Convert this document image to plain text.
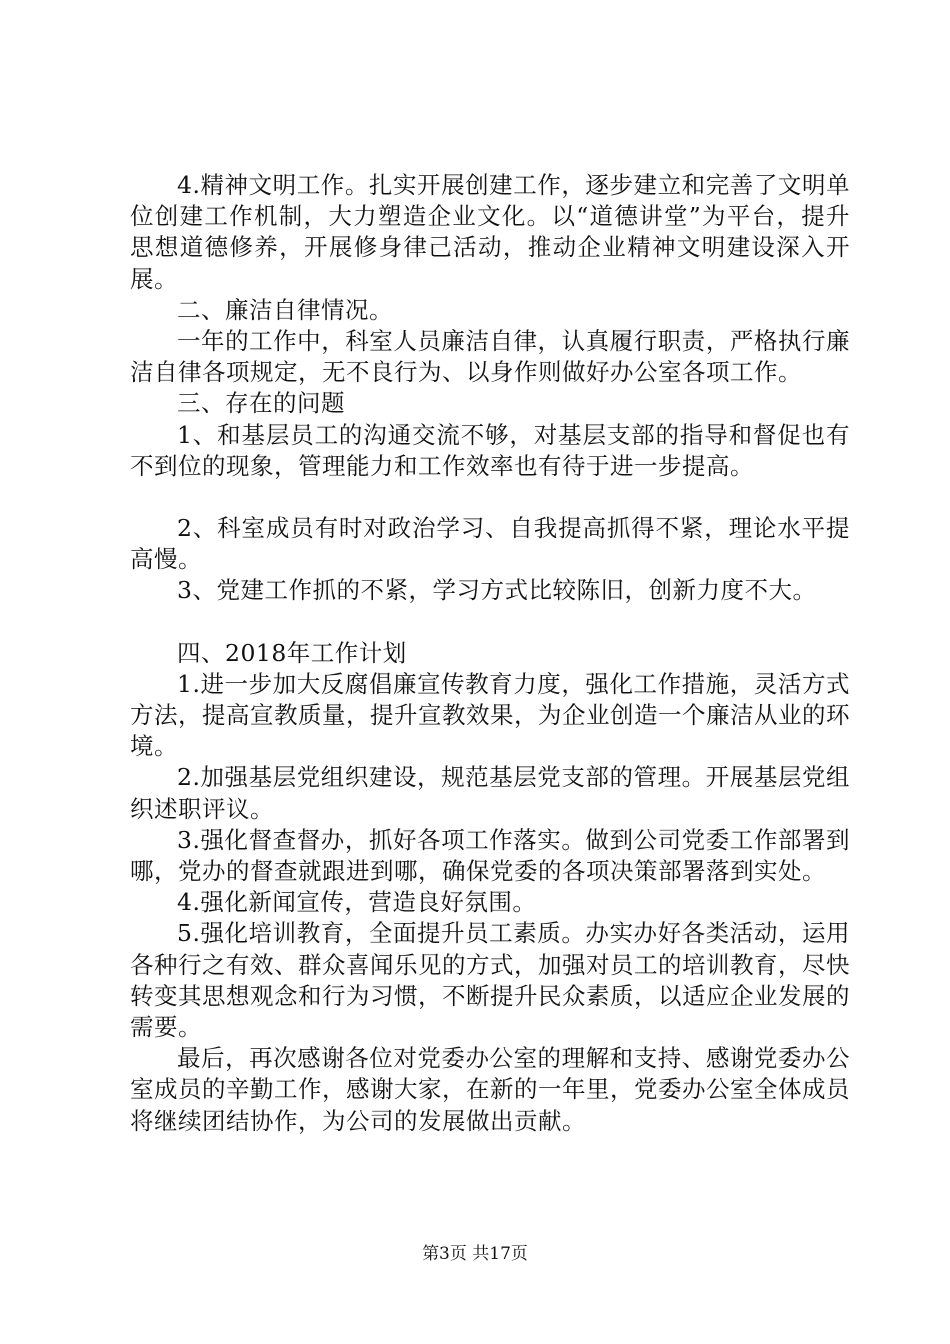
4.精神文明工作。扎实开展创建工作，逐步建立和完善了文明单位创建工作机制，大力塑造企业文化。以“道德讲堂”为平台，提升思想道德修养，开展修身律己活动，推动企业精神文明建设深入开展。

二、廉洁自律情况。

一年的工作中，科室人员廉洁自律，认真履行职责，严格执行廉洁自律各项规定，无不良行为、以身作则做好办公室各项工作。

三、存在的问题

1、和基层员工的沟通交流不够，对基层支部的指导和督促也有不到位的现象，管理能力和工作效率也有待于进一步提高。

2、科室成员有时对政治学习、自我提高抓得不紧，理论水平提高慢。

3、党建工作抓的不紧，学习方式比较陈旧，创新力度不大。

四、2018年工作计划

1.进一步加大反腐倡廉宣传教育力度，强化工作措施，灵活方式方法，提高宣教质量，提升宣教效果，为企业创造一个廉洁从业的环境。

2.加强基层党组织建设，规范基层党支部的管理。开展基层党组织述职评议。

3.强化督查督办，抓好各项工作落实。做到公司党委工作部署到哪，党办的督查就跟进到哪，确保党委的各项决策部署落到实处。

4.强化新闻宣传，营造良好氛围。

5.强化培训教育，全面提升员工素质。办实办好各类活动，运用各种行之有效、群众喜闻乐见的方式，加强对员工的培训教育，尽快转变其思想观念和行为习惯，不断提升民众素质，以适应企业发展的需要。

最后，再次感谢各位对党委办公室的理解和支持、感谢党委办公室成员的辛勤工作，感谢大家，在新的一年里，党委办公室全体成员将继续团结协作，为公司的发展做出贡献。

第3页 共17页
